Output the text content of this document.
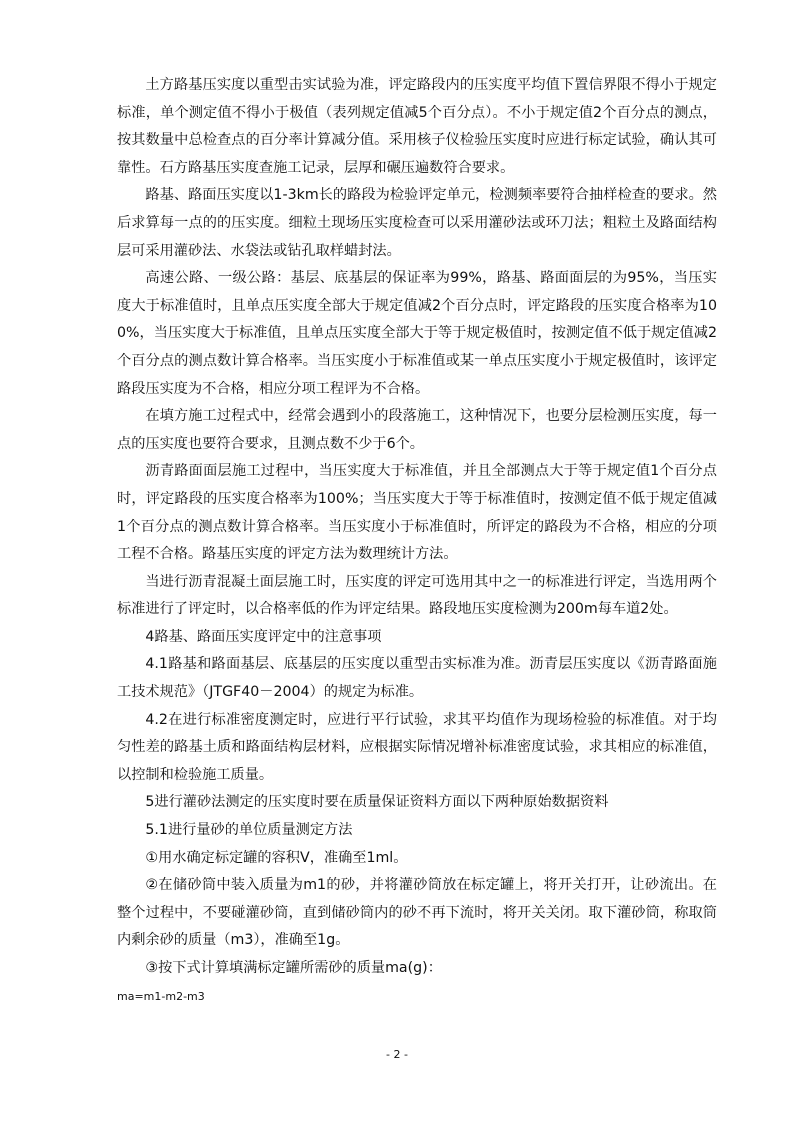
土方路基压实度以重型击实试验为准，评定路段内的压实度平均值下置信界限不得小于规定标准，单个测定值不得小于极值（表列规定值减5个百分点）。不小于规定值2个百分点的测点，按其数量中总检查点的百分率计算减分值。采用核子仪检验压实度时应进行标定试验，确认其可靠性。石方路基压实度查施工记录，层厚和碾压遍数符合要求。

路基、路面压实度以1-3km长的路段为检验评定单元，检测频率要符合抽样检查的要求。然后求算每一点的的压实度。细粒土现场压实度检查可以采用灌砂法或环刀法；粗粒土及路面结构层可采用灌砂法、水袋法或钻孔取样蜡封法。

高速公路、一级公路：基层、底基层的保证率为99%，路基、路面面层的为95%，当压实度大于标准值时，且单点压实度全部大于规定值减2个百分点时，评定路段的压实度合格率为100%，当压实度大于标准值，且单点压实度全部大于等于规定极值时，按测定值不低于规定值减2个百分点的测点数计算合格率。当压实度小于标准值或某一单点压实度小于规定极值时，该评定路段压实度为不合格，相应分项工程评为不合格。

在填方施工过程式中，经常会遇到小的段落施工，这种情况下，也要分层检测压实度，每一点的压实度也要符合要求，且测点数不少于6个。

沥青路面面层施工过程中，当压实度大于标准值，并且全部测点大于等于规定值1个百分点时，评定路段的压实度合格率为100%；当压实度大于等于标准值时，按测定值不低于规定值减1个百分点的测点数计算合格率。当压实度小于标准值时，所评定的路段为不合格，相应的分项工程不合格。路基压实度的评定方法为数理统计方法。

当进行沥青混凝土面层施工时，压实度的评定可选用其中之一的标准进行评定，当选用两个标准进行了评定时，以合格率低的作为评定结果。路段地压实度检测为200m每车道2处。

4路基、路面压实度评定中的注意事项

4.1路基和路面基层、底基层的压实度以重型击实标准为准。沥青层压实度以《沥青路面施工技术规范》（JTGF40－2004）的规定为标准。

4.2在进行标准密度测定时，应进行平行试验，求其平均值作为现场检验的标准值。对于均匀性差的路基土质和路面结构层材料，应根据实际情况增补标准密度试验，求其相应的标准值，以控制和检验施工质量。

5进行灌砂法测定的压实度时要在质量保证资料方面以下两种原始数据资料

5.1进行量砂的单位质量测定方法

①用水确定标定罐的容积V，准确至1ml。

②在储砂筒中装入质量为m1的砂，并将灌砂筒放在标定罐上，将开关打开，让砂流出。在整个过程中，不要碰灌砂筒，直到储砂筒内的砂不再下流时，将开关关闭。取下灌砂筒，称取筒内剩余砂的质量（m3），准确至1g。

③按下式计算填满标定罐所需砂的质量ma(g)：

ma=m1-m2-m3

- 2 -
